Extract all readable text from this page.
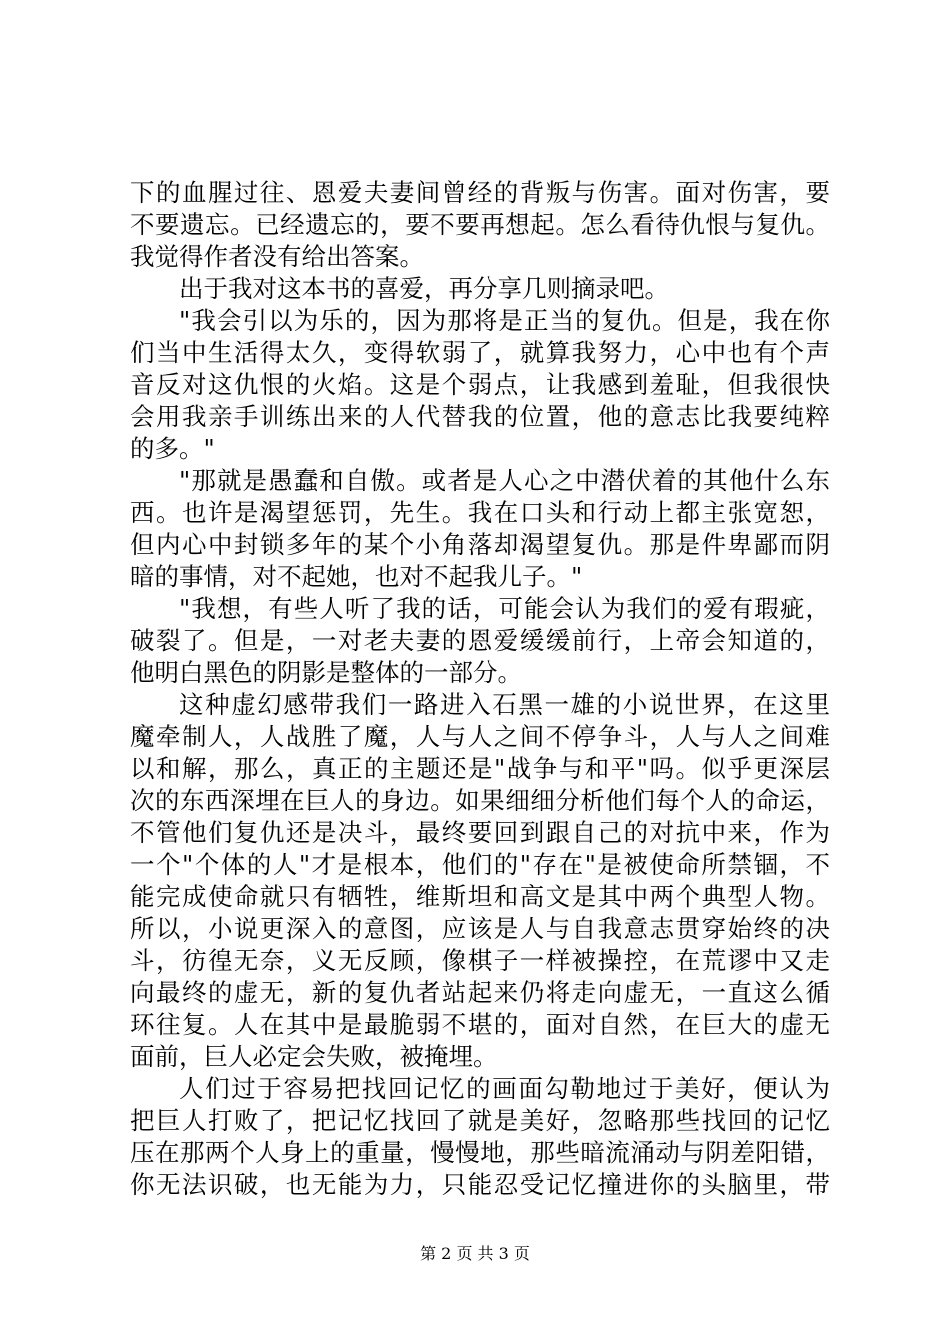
下的血腥过往、恩爱夫妻间曾经的背叛与伤害。面对伤害，要
不要遗忘。已经遗忘的，要不要再想起。怎么看待仇恨与复仇。
我觉得作者没有给出答案。
出于我对这本书的喜爱，再分享几则摘录吧。
"我会引以为乐的，因为那将是正当的复仇。但是，我在你
们当中生活得太久，变得软弱了，就算我努力，心中也有个声
音反对这仇恨的火焰。这是个弱点，让我感到羞耻，但我很快
会用我亲手训练出来的人代替我的位置，他的意志比我要纯粹
的多。"
"那就是愚蠢和自傲。或者是人心之中潜伏着的其他什么东
西。也许是渴望惩罚，先生。我在口头和行动上都主张宽恕，
但内心中封锁多年的某个小角落却渴望复仇。那是件卑鄙而阴
暗的事情，对不起她，也对不起我儿子。"
"我想，有些人听了我的话，可能会认为我们的爱有瑕疵，
破裂了。但是，一对老夫妻的恩爱缓缓前行，上帝会知道的，
他明白黑色的阴影是整体的一部分。
这种虚幻感带我们一路进入石黑一雄的小说世界，在这里
魔牵制人，人战胜了魔，人与人之间不停争斗，人与人之间难
以和解，那么，真正的主题还是"战争与和平"吗。似乎更深层
次的东西深埋在巨人的身边。如果细细分析他们每个人的命运，
不管他们复仇还是决斗，最终要回到跟自己的对抗中来，作为
一个"个体的人"才是根本，他们的"存在"是被使命所禁锢，不
能完成使命就只有牺牲，维斯坦和高文是其中两个典型人物。
所以，小说更深入的意图，应该是人与自我意志贯穿始终的决
斗，彷徨无奈，义无反顾，像棋子一样被操控，在荒谬中又走
向最终的虚无，新的复仇者站起来仍将走向虚无，一直这么循
环往复。人在其中是最脆弱不堪的，面对自然，在巨大的虚无
面前，巨人必定会失败，被掩埋。
人们过于容易把找回记忆的画面勾勒地过于美好，便认为
把巨人打败了，把记忆找回了就是美好，忽略那些找回的记忆
压在那两个人身上的重量，慢慢地，那些暗流涌动与阴差阳错，
你无法识破，也无能为力，只能忍受记忆撞进你的头脑里，带
第 2 页 共 3 页
